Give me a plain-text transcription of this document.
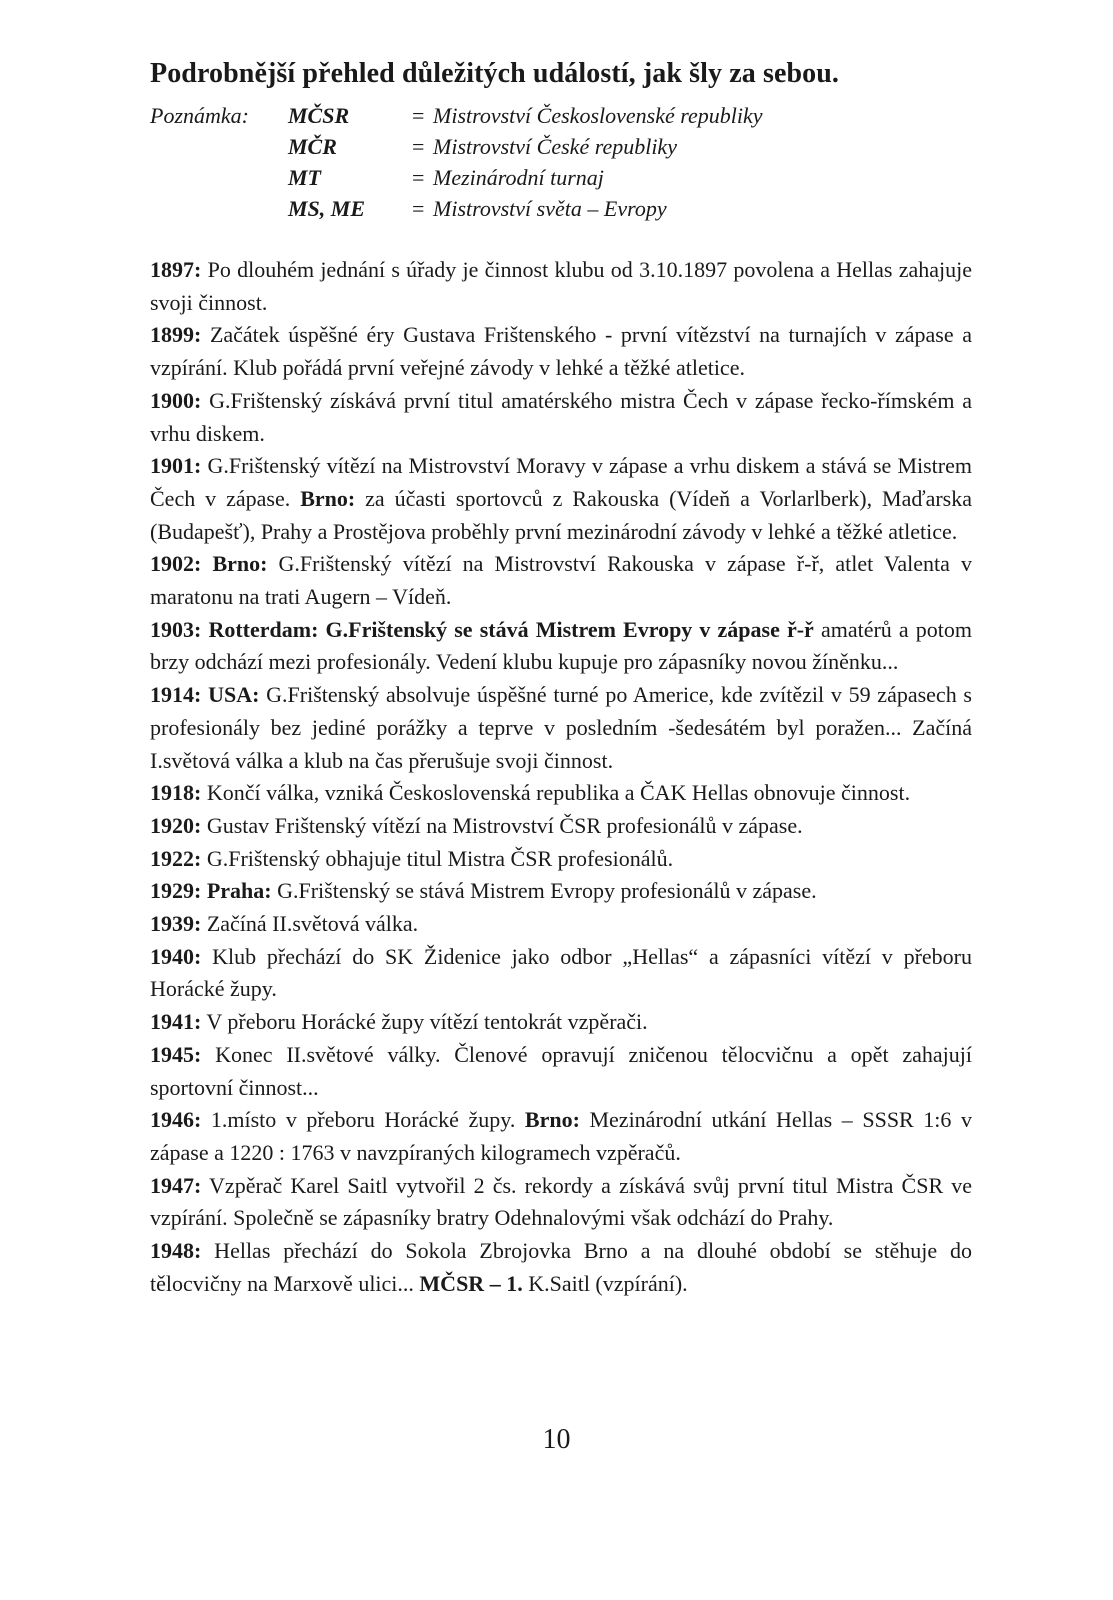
Podrobnější přehled důležitých událostí, jak šly za sebou.
Poznámka: MČSR	= Mistrovství Československé republiky
MČR	= Mistrovství České republiky
MT	= Mezinárodní turnaj
MS, ME = Mistrovství světa – Evropy

1897: Po dlouhém jednání s úřady je činnost klubu od 3.10.1897 povolena a Hellas zahajuje svoji činnost.

1899: Začátek úspěšné éry Gustava Frištenského - první vítězství na turnajích v zápase a vzpírání. Klub pořádá první veřejné závody v lehké a těžké atletice.

1900: G.Frištenský získává první titul amatérského mistra Čech v zápase řecko-římském a vrhu diskem.

1901: G.Frištenský vítězí na Mistrovství Moravy v zápase a vrhu diskem a stává se Mistrem Čech v zápase. Brno: za účasti sportovců z Rakouska (Vídeň a Vorlarlberk), Maďarska (Budapešť), Prahy a Prostějova proběhly první mezinárodní závody v lehké a těžké atletice.

1902: Brno: G.Frištenský vítězí na Mistrovství Rakouska v zápase ř-ř, atlet Valenta v maratonu na trati Augern – Vídeň.

1903: Rotterdam: G.Frištenský se stává Mistrem Evropy v zápase ř-ř amatérů a potom brzy odchází mezi profesionály. Vedení klubu kupuje pro zápasníky novou žíněnku...

1914: USA: G.Frištenský absolvuje úspěšné turné po Americe, kde zvítězil v 59 zápasech s profesionály bez jediné porážky a teprve v posledním -šedesátém byl poražen... Začíná I.světová válka a klub na čas přerušuje svoji činnost.

1918: Končí válka, vzniká Československá republika a ČAK Hellas obnovuje činnost.

1920: Gustav Frištenský vítězí na Mistrovství ČSR profesionálů v zápase.

1922: G.Frištenský obhajuje titul Mistra ČSR profesionálů.

1929: Praha: G.Frištenský se stává Mistrem Evropy profesionálů v zápase.

1939: Začíná II.světová válka.

1940: Klub přechází do SK Židenice jako odbor „Hellas“ a zápasníci vítězí v přeboru Horácké župy.

1941: V přeboru Horácké župy vítězí tentokrát vzpěrači.

1945: Konec II.světové války. Členové opravují zničenou tělocvičnu a opět zahajují sportovní činnost...

1946: 1.místo v přeboru Horácké župy. Brno: Mezinárodní utkání Hellas – SSSR 1:6 v zápase a 1220 : 1763 v navzpíraných kilogramech vzpěračů.

1947: Vzpěrač Karel Saitl vytvořil 2 čs. rekordy a získává svůj první titul Mistra ČSR ve vzpírání. Společně se zápasníky bratry Odehnalovými však odchází do Prahy.

1948: Hellas přechází do Sokola Zbrojovka Brno a na dlouhé období se stěhuje do tělocvičny na Marxově ulici... MČSR – 1. K.Saitl (vzpírání).

10
